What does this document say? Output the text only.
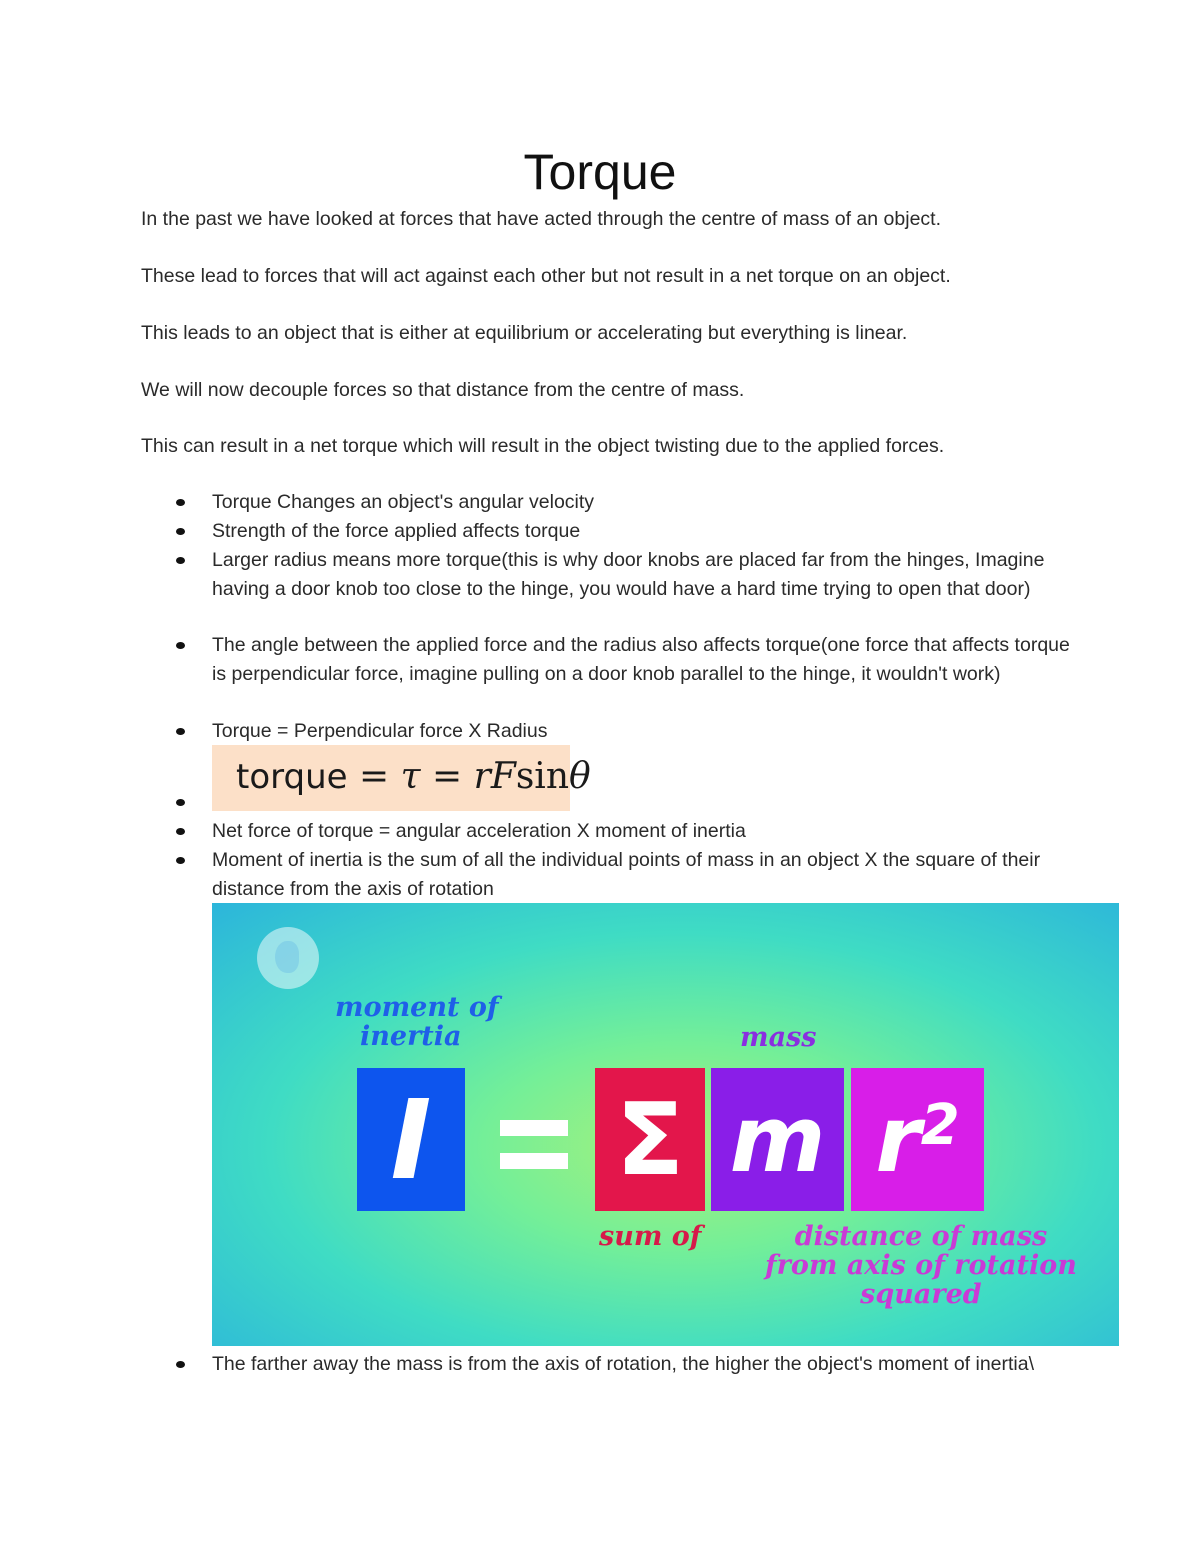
Torque
In the past we have looked at forces that have acted through the centre of mass of an object.
These lead to forces that will act against each other but not result in a net torque on an object.
This leads to an object that is either at equilibrium or accelerating but everything is linear.
We will now decouple forces so that distance from the centre of mass.
This can result in a net torque which will result in the object twisting due to the applied forces.
Torque Changes an object's angular velocity
Strength of the force applied affects torque
Larger radius means more torque(this is why door knobs are placed far from the hinges, Imagine having a door knob too close to the hinge, you would have a hard time trying to open that door)
The angle between the applied force and the radius also affects torque(one force that affects torque is perpendicular force, imagine pulling on a door knob parallel to the hinge, it wouldn't work)
Torque = Perpendicular force X Radius
Net force of torque = angular acceleration X moment of inertia
Moment of inertia is the sum of all the individual points of mass in an object X the square of their distance from the axis of rotation
The farther away the mass is from the axis of rotation, the higher the object's moment of inertia\
torque = τ = rFsinθ
moment of
inertia	mass
I	Σ m $r^2$
sum of	distance of mass
from axis of rotation
squared
